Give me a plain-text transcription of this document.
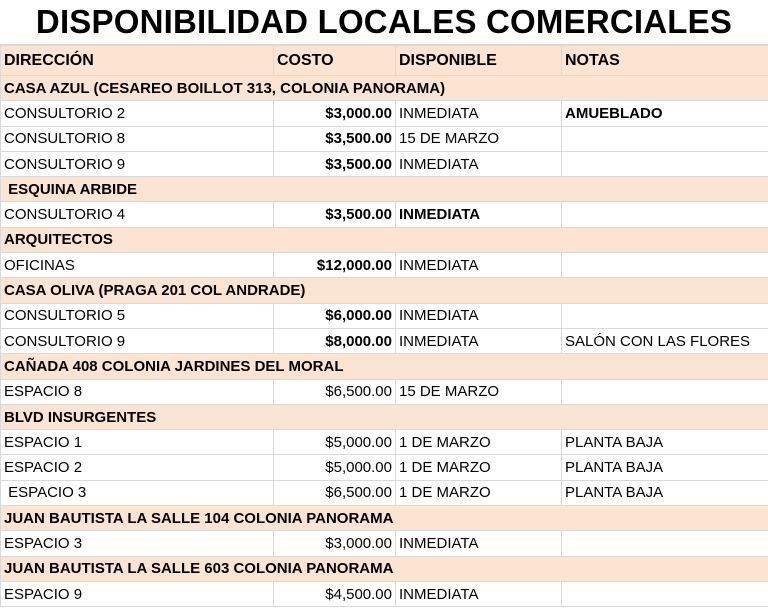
DISPONIBILIDAD LOCALES COMERCIALES
DIRECCIÓN	COSTO	DISPONIBLE	NOTAS
CASA AZUL (CESAREO BOILLOT 313, COLONIA PANORAMA)			
CONSULTORIO 2	$3,000.00	INMEDIATA	AMUEBLADO
CONSULTORIO 8	$3,500.00	15 DE MARZO	
CONSULTORIO 9	$3,500.00	INMEDIATA	
ESQUINA ARBIDE			
CONSULTORIO 4	$3,500.00	INMEDIATA	
ARQUITECTOS			
OFICINAS	$12,000.00	INMEDIATA	
CASA OLIVA (PRAGA 201 COL ANDRADE)			
CONSULTORIO 5	$6,000.00	INMEDIATA	
CONSULTORIO 9	$8,000.00	INMEDIATA	SALÓN CON LAS FLORES
CAÑADA 408 COLONIA JARDINES DEL MORAL			
ESPACIO 8	$6,500.00	15 DE MARZO	
BLVD INSURGENTES			
ESPACIO 1	$5,000.00	1 DE MARZO	PLANTA BAJA
ESPACIO 2	$5,000.00	1 DE MARZO	PLANTA BAJA
ESPACIO 3	$6,500.00	1 DE MARZO	PLANTA BAJA
JUAN BAUTISTA LA SALLE 104 COLONIA PANORAMA			
ESPACIO 3	$3,000.00	INMEDIATA	
JUAN BAUTISTA LA SALLE 603 COLONIA PANORAMA			
ESPACIO 9	$4,500.00	INMEDIATA	
